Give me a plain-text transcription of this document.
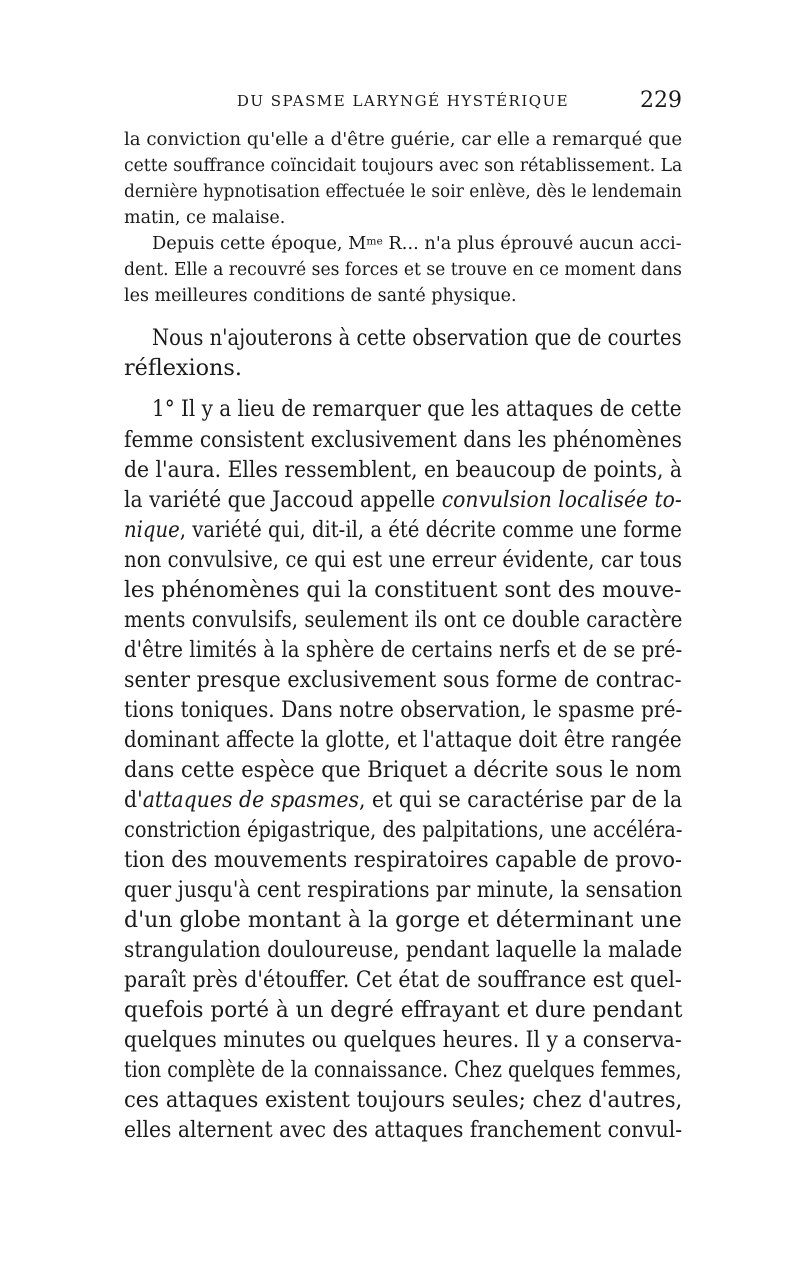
DU SPASME LARYNGÉ HYSTÉRIQUE	229
la conviction qu'elle a d'être guérie, car elle a remarqué que
cette souffrance coïncidait toujours avec son rétablissement. La
dernière hypnotisation effectuée le soir enlève, dès le lendemain
matin, ce malaise.
Depuis cette époque, $M^{me}$ R... n'a plus éprouvé aucun acci-
dent. Elle a recouvré ses forces et se trouve en ce moment dans
les meilleures conditions de santé physique.
Nous n'ajouterons à cette observation que de courtes
réflexions.
1° Il y a lieu de remarquer que les attaques de cette
femme consistent exclusivement dans les phénomènes
de l'aura. Elles ressemblent, en beaucoup de points, à
la variété que Jaccoud appelle convulsion localisée to-
nique, variété qui, dit-il, a été décrite comme une forme
non convulsive, ce qui est une erreur évidente, car tous
les phénomènes qui la constituent sont des mouve-
ments convulsifs, seulement ils ont ce double caractère
d'être limités à la sphère de certains nerfs et de se pré-
senter presque exclusivement sous forme de contrac-
tions toniques. Dans notre observation, le spasme pré-
dominant affecte la glotte, et l'attaque doit être rangée
dans cette espèce que Briquet a décrite sous le nom
d'attaques de spasmes, et qui se caractérise par de la
constriction épigastrique, des palpitations, une accéléra-
tion des mouvements respiratoires capable de provo-
quer jusqu'à cent respirations par minute, la sensation
d'un globe montant à la gorge et déterminant une
strangulation douloureuse, pendant laquelle la malade
paraît près d'étouffer. Cet état de souffrance est quel-
quefois porté à un degré effrayant et dure pendant
quelques minutes ou quelques heures. Il y a conserva-
tion complète de la connaissance. Chez quelques femmes,
ces attaques existent toujours seules; chez d'autres,
elles alternent avec des attaques franchement convul-
